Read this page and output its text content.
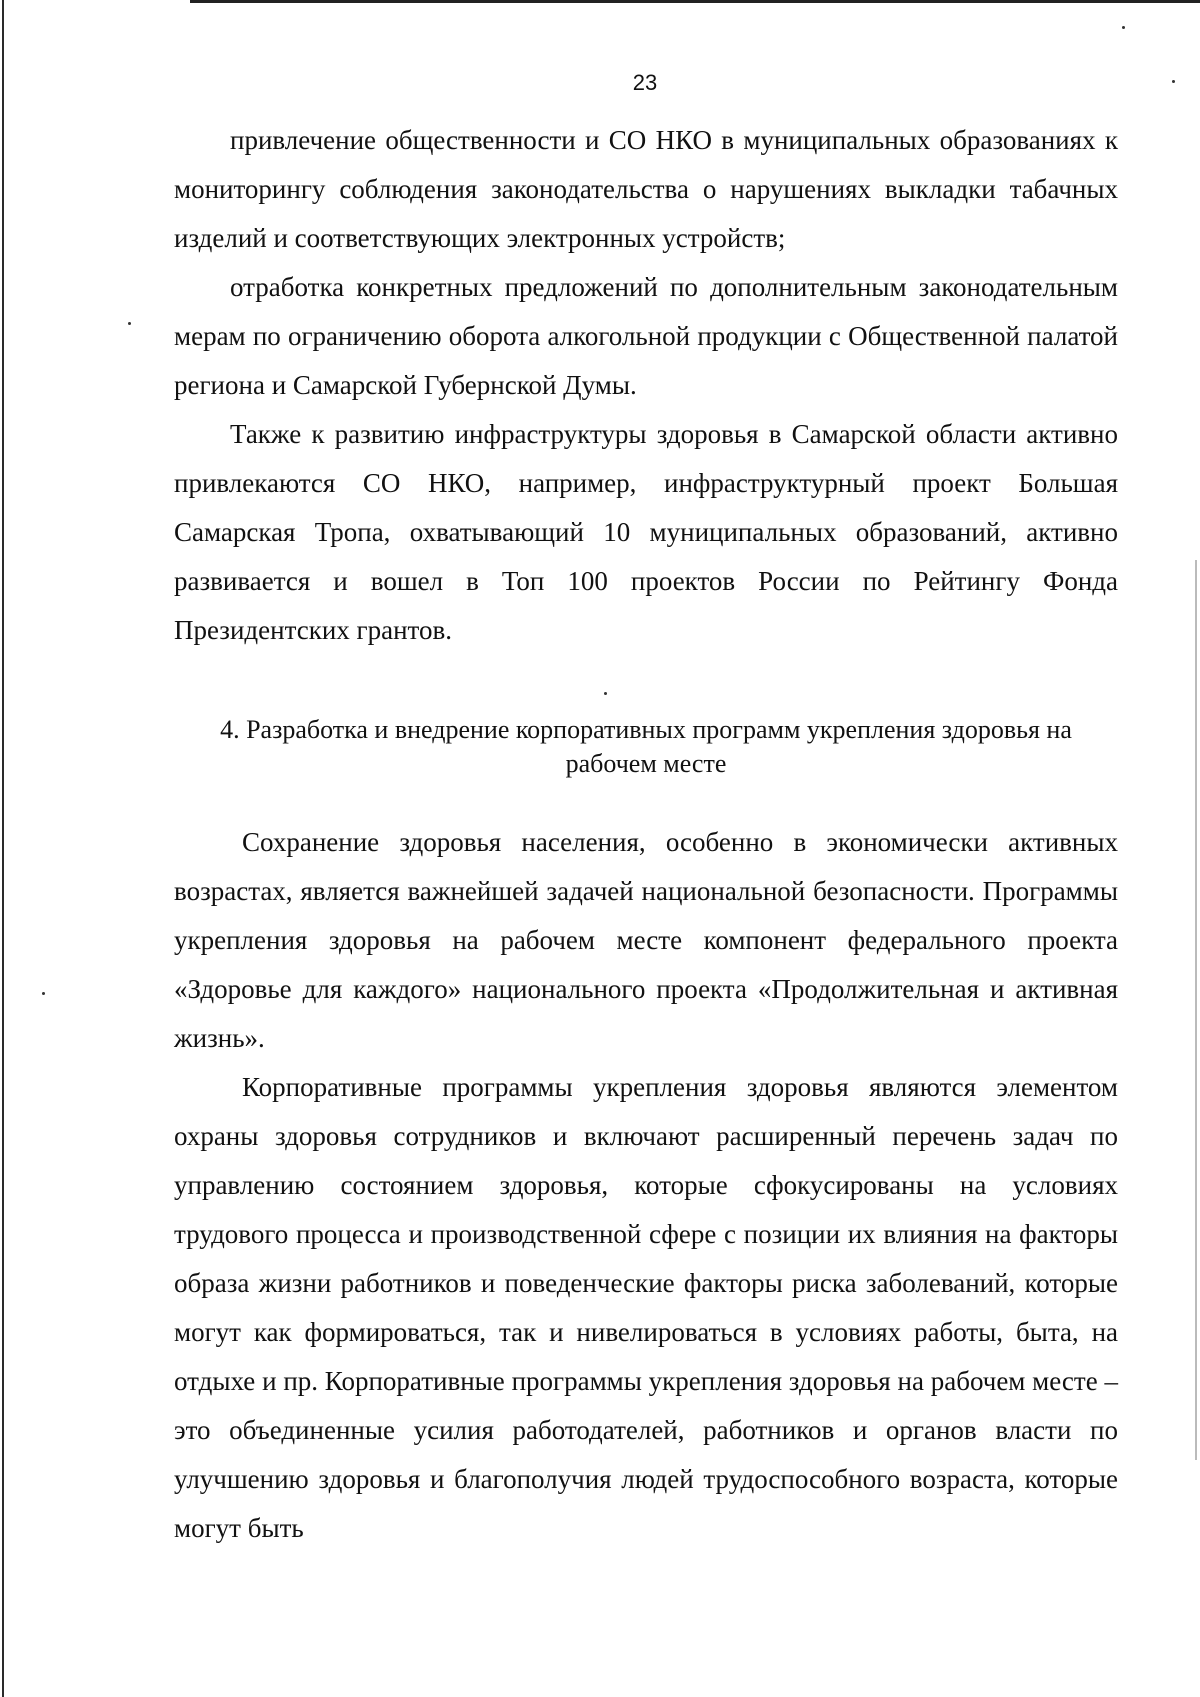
23

привлечение общественности и СО НКО в муниципальных образованиях к мониторингу соблюдения законодательства о нарушениях выкладки табачных изделий и соответствующих электронных устройств;

отработка конкретных предложений по дополнительным законодательным мерам по ограничению оборота алкогольной продукции с Общественной палатой региона и Самарской Губернской Думы.

Также к развитию инфраструктуры здоровья в Самарской области активно привлекаются СО НКО, например, инфраструктурный проект Большая Самарская Тропа, охватывающий 10 муниципальных образований, активно развивается и вошел в Топ 100 проектов России по Рейтингу Фонда Президентских грантов.

4. Разработка и внедрение корпоративных программ укрепления здоровья на
рабочем месте

Сохранение здоровья населения, особенно в экономически активных возрастах, является важнейшей задачей национальной безопасности. Программы укрепления здоровья на рабочем месте компонент федерального проекта «Здоровье для каждого» национального проекта «Продолжительная и активная жизнь».

Корпоративные программы укрепления здоровья являются элементом охраны здоровья сотрудников и включают расширенный перечень задач по управлению состоянием здоровья, которые сфокусированы на условиях трудового процесса и производственной сфере с позиции их влияния на факторы образа жизни работников и поведенческие факторы риска заболеваний, которые могут как формироваться, так и нивелироваться в условиях работы, быта, на отдыхе и пр. Корпоративные программы укрепления здоровья на рабочем месте – это объединенные усилия работодателей, работников и органов власти по улучшению здоровья и благополучия людей трудоспособного возраста, которые могут быть
